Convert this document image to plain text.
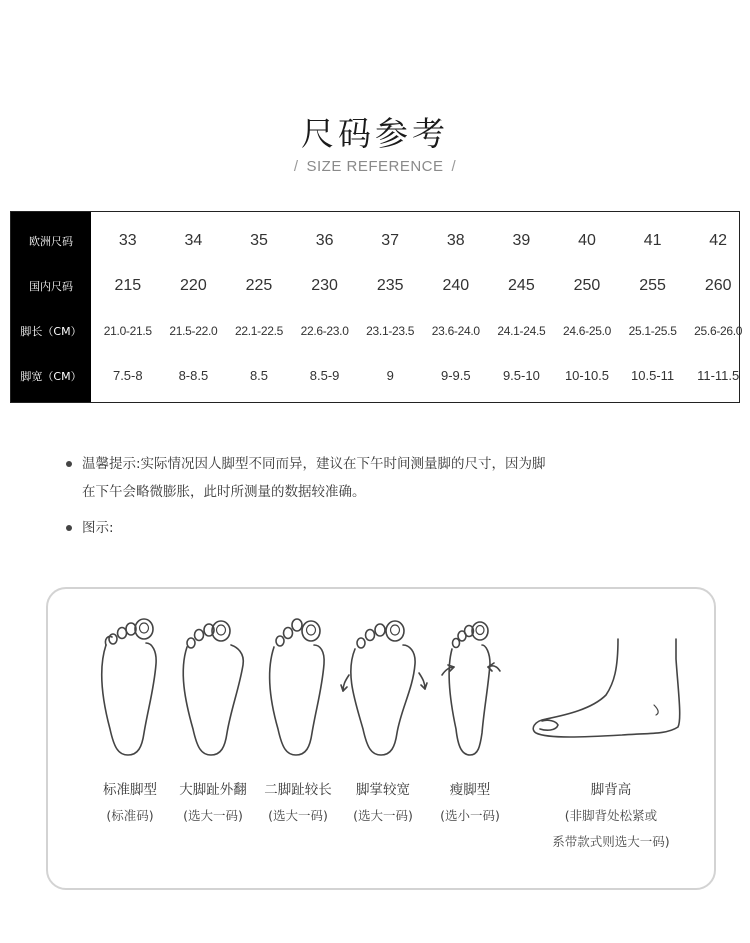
尺码参考
/ SIZE REFERENCE /
欧洲尺码	33	34	35	36	37	38	39	40	41	42
国内尺码	215	220	225	230	235	240	245	250	255	260
脚长（CM）	21.0-21.5	21.5-22.0	22.1-22.5	22.6-23.0	23.1-23.5	23.6-24.0	24.1-24.5	24.6-25.0	25.1-25.5	25.6-26.0
脚宽（CM）	7.5-8	8-8.5	8.5	8.5-9	9	9-9.5	9.5-10	10-10.5	10.5-11	11-11.5
温馨提示:实际情况因人脚型不同而异，建议在下午时间测量脚的尺寸，因为脚
在下午会略微膨胀，此时所测量的数据较准确。
图示:
标准脚型
(标准码)
大脚趾外翻
(选大一码)
二脚趾较长
(选大一码)
脚掌较宽
(选大一码)
瘦脚型
(选小一码)
脚背高
(非脚背处松紧或
系带款式则选大一码)
